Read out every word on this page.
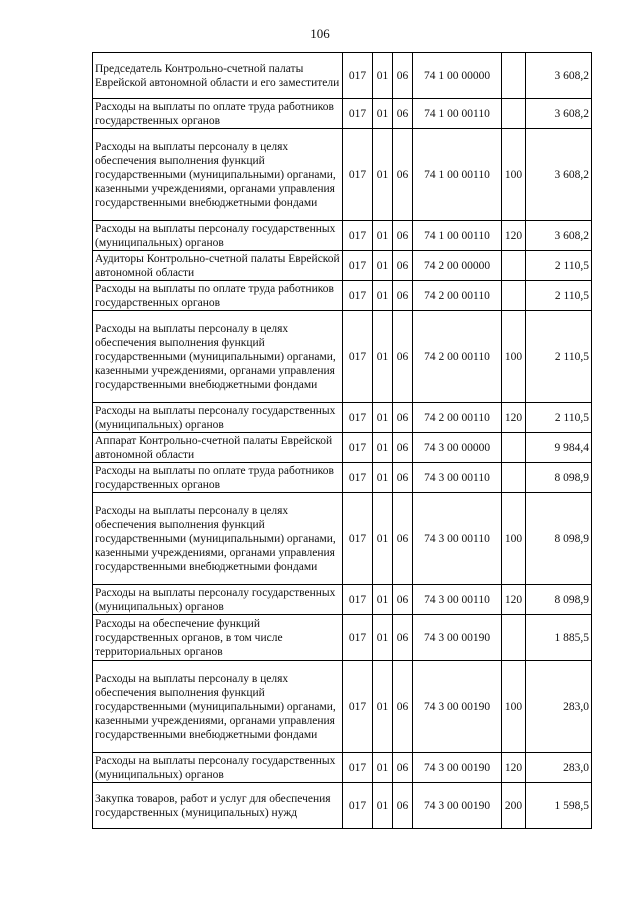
106
Председатель Контрольно-счетной палаты Еврейской автономной области и его заместители	017	01	06	74 1 00 00000		3 608,2
Расходы на выплаты по оплате труда работников государственных органов	017	01	06	74 1 00 00110		3 608,2
Расходы на выплаты персоналу в целях обеспечения выполнения функций государственными (муниципальными) органами, казенными учреждениями, органами управления государственными внебюджетными фондами	017	01	06	74 1 00 00110	100	3 608,2
Расходы на выплаты персоналу государственных (муниципальных) органов	017	01	06	74 1 00 00110	120	3 608,2
Аудиторы Контрольно-счетной палаты Еврейской автономной области	017	01	06	74 2 00 00000		2 110,5
Расходы на выплаты по оплате труда работников государственных органов	017	01	06	74 2 00 00110		2 110,5
Расходы на выплаты персоналу в целях обеспечения выполнения функций государственными (муниципальными) органами, казенными учреждениями, органами управления государственными внебюджетными фондами	017	01	06	74 2 00 00110	100	2 110,5
Расходы на выплаты персоналу государственных (муниципальных) органов	017	01	06	74 2 00 00110	120	2 110,5
Аппарат Контрольно-счетной палаты Еврейской автономной области	017	01	06	74 3 00 00000		9 984,4
Расходы на выплаты по оплате труда работников государственных органов	017	01	06	74 3 00 00110		8 098,9
Расходы на выплаты персоналу в целях обеспечения выполнения функций государственными (муниципальными) органами, казенными учреждениями, органами управления государственными внебюджетными фондами	017	01	06	74 3 00 00110	100	8 098,9
Расходы на выплаты персоналу государственных (муниципальных) органов	017	01	06	74 3 00 00110	120	8 098,9
Расходы на обеспечение функций государственных органов, в том числе территориальных органов	017	01	06	74 3 00 00190		1 885,5
Расходы на выплаты персоналу в целях обеспечения выполнения функций государственными (муниципальными) органами, казенными учреждениями, органами управления государственными внебюджетными фондами	017	01	06	74 3 00 00190	100	283,0
Расходы на выплаты персоналу государственных (муниципальных) органов	017	01	06	74 3 00 00190	120	283,0
Закупка товаров, работ и услуг для обеспечения государственных (муниципальных) нужд	017	01	06	74 3 00 00190	200	1 598,5
